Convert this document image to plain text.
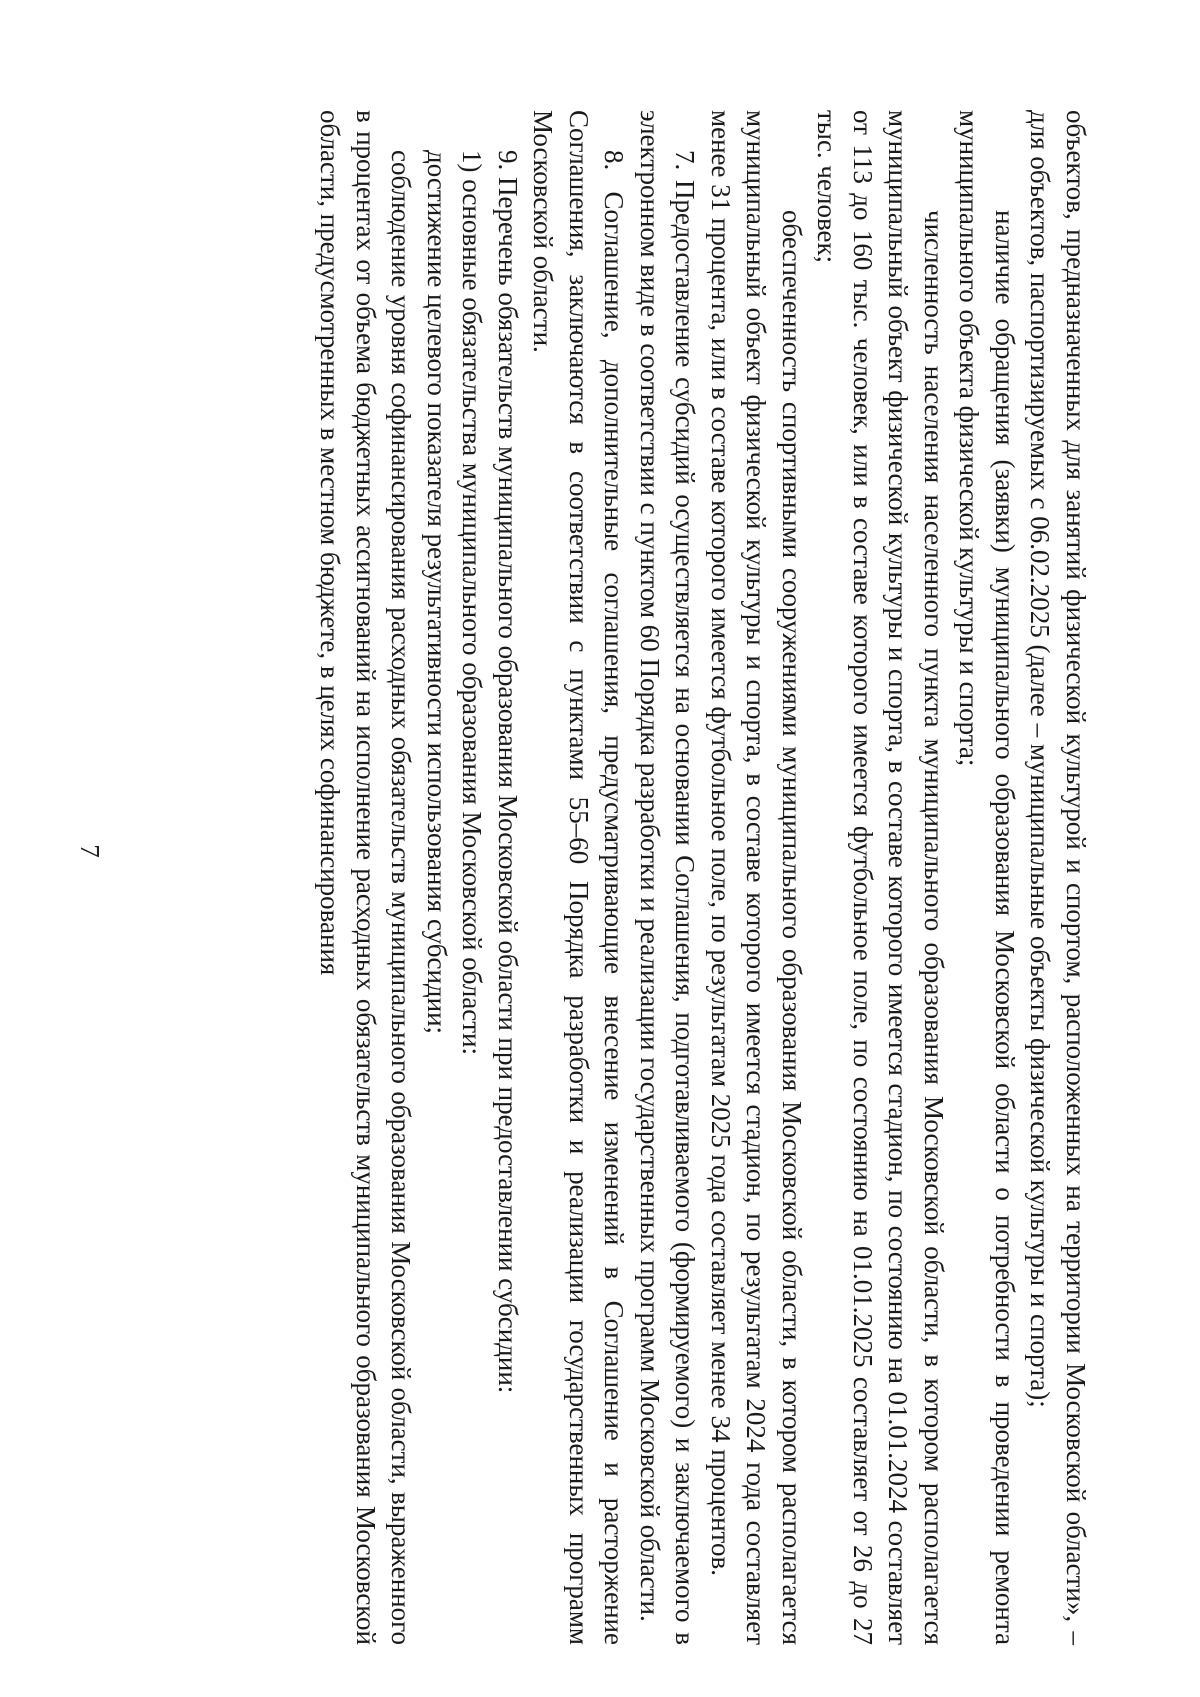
7	объектов, предназначенных для занятий физической культурой и спортом, расположенных на территории Московской области», – для объектов, паспортизируемых с 06.02.2025 (далее – муниципальные объекты физической культуры и спорта);

наличие обращения (заявки) муниципального образования Московской области о потребности в проведении ремонта муниципального объекта физической культуры и спорта;

численность населения населенного пункта муниципального образования Московской области, в котором располагается муниципальный объект физической культуры и спорта, в составе которого имеется стадион, по состоянию на 01.01.2024 составляет от 113 до 160 тыс. человек, или в составе которого имеется футбольное поле, по состоянию на 01.01.2025 составляет от 26 до 27 тыс. человек;

обеспеченность спортивными сооружениями муниципального образования Московской области, в котором располагается муниципальный объект физической культуры и спорта, в составе которого имеется стадион, по результатам 2024 года составляет менее 31 процента, или в составе которого имеется футбольное поле, по результатам 2025 года составляет менее 34 процентов.

7. Предоставление субсидий осуществляется на основании Соглашения, подготавливаемого (формируемого) и заключаемого в электронном виде в соответствии с пунктом 60 Порядка разработки и реализации государственных программ Московской области.

8. Соглашение, дополнительные соглашения, предусматривающие внесение изменений в Соглашение и расторжение Соглашения, заключаются в соответствии с пунктами 55–60 Порядка разработки и реализации государственных программ Московской области.

9. Перечень обязательств муниципального образования Московской области при предоставлении субсидии:

1) основные обязательства муниципального образования Московской области:

достижение целевого показателя результативности использования субсидии;

соблюдение уровня софинансирования расходных обязательств муниципального образования Московской области, выраженного в процентах от объема бюджетных ассигнований на исполнение расходных обязательств муниципального образования Московской области, предусмотренных в местном бюджете, в целях софинансирования
